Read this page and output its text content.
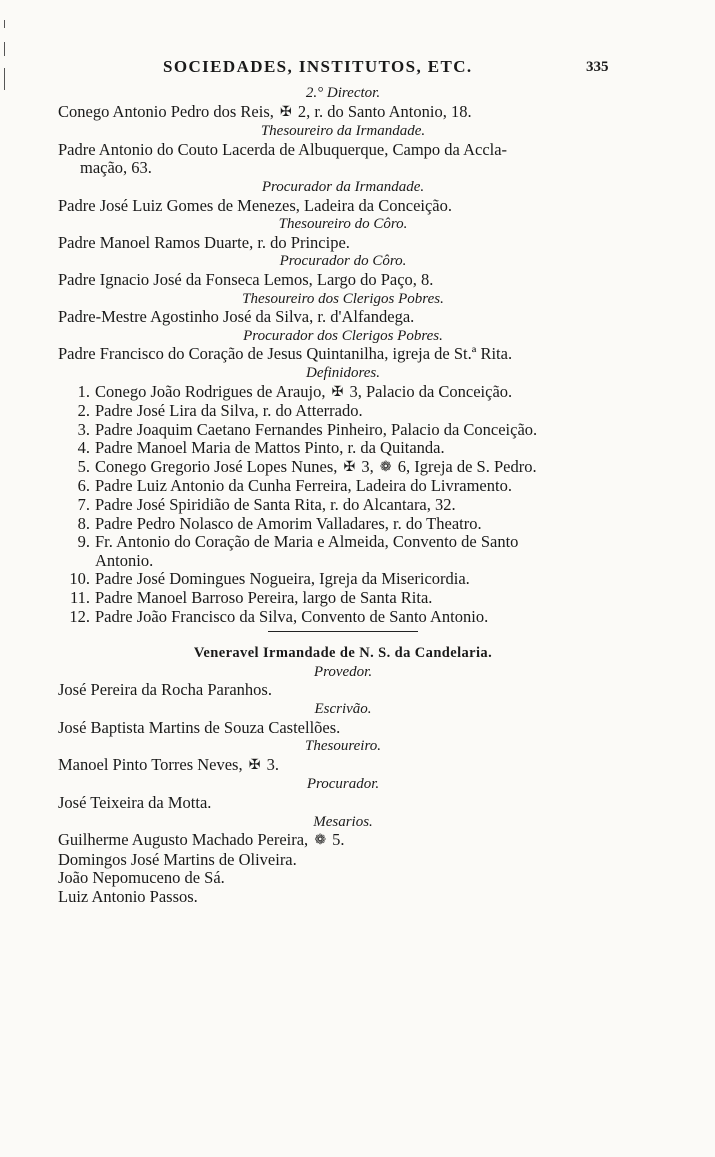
SOCIEDADES, INSTITUTOS, ETC.	335
2.° Director.
Conego Antonio Pedro dos Reis, ✠ 2, r. do Santo Antonio, 18.
Thesoureiro da Irmandade.
Padre Antonio do Couto Lacerda de Albuquerque, Campo da Accla-
mação, 63.
Procurador da Irmandade.
Padre José Luiz Gomes de Menezes, Ladeira da Conceição.
Thesoureiro do Côro.
Padre Manoel Ramos Duarte, r. do Principe.
Procurador do Côro.
Padre Ignacio José da Fonseca Lemos, Largo do Paço, 8.
Thesoureiro dos Clerigos Pobres.
Padre-Mestre Agostinho José da Silva, r. d'Alfandega.
Procurador dos Clerigos Pobres.
Padre Francisco do Coração de Jesus Quintanilha, igreja de St.ª Rita.
Definidores.
1. Conego João Rodrigues de Araujo, ✠ 3, Palacio da Conceição.
2. Padre José Lira da Silva, r. do Atterrado.
3. Padre Joaquim Caetano Fernandes Pinheiro, Palacio da Conceição.
4. Padre Manoel Maria de Mattos Pinto, r. da Quitanda.
5. Conego Gregorio José Lopes Nunes, ✠ 3, ❁ 6, Igreja de S. Pedro.
6. Padre Luiz Antonio da Cunha Ferreira, Ladeira do Livramento.
7. Padre José Spiridião de Santa Rita, r. do Alcantara, 32.
8. Padre Pedro Nolasco de Amorim Valladares, r. do Theatro.
9. Fr. Antonio do Coração de Maria e Almeida, Convento de Santo
Antonio.
10. Padre José Domingues Nogueira, Igreja da Misericordia.
11. Padre Manoel Barroso Pereira, largo de Santa Rita.
12. Padre João Francisco da Silva, Convento de Santo Antonio.
Veneravel Irmandade de N. S. da Candelaria.
Provedor.
José Pereira da Rocha Paranhos.
Escrivão.
José Baptista Martins de Souza Castellões.
Thesoureiro.
Manoel Pinto Torres Neves, ✠ 3.
Procurador.
José Teixeira da Motta.
Mesarios.
Guilherme Augusto Machado Pereira, ❁ 5.
Domingos José Martins de Oliveira.
João Nepomuceno de Sá.
Luiz Antonio Passos.
